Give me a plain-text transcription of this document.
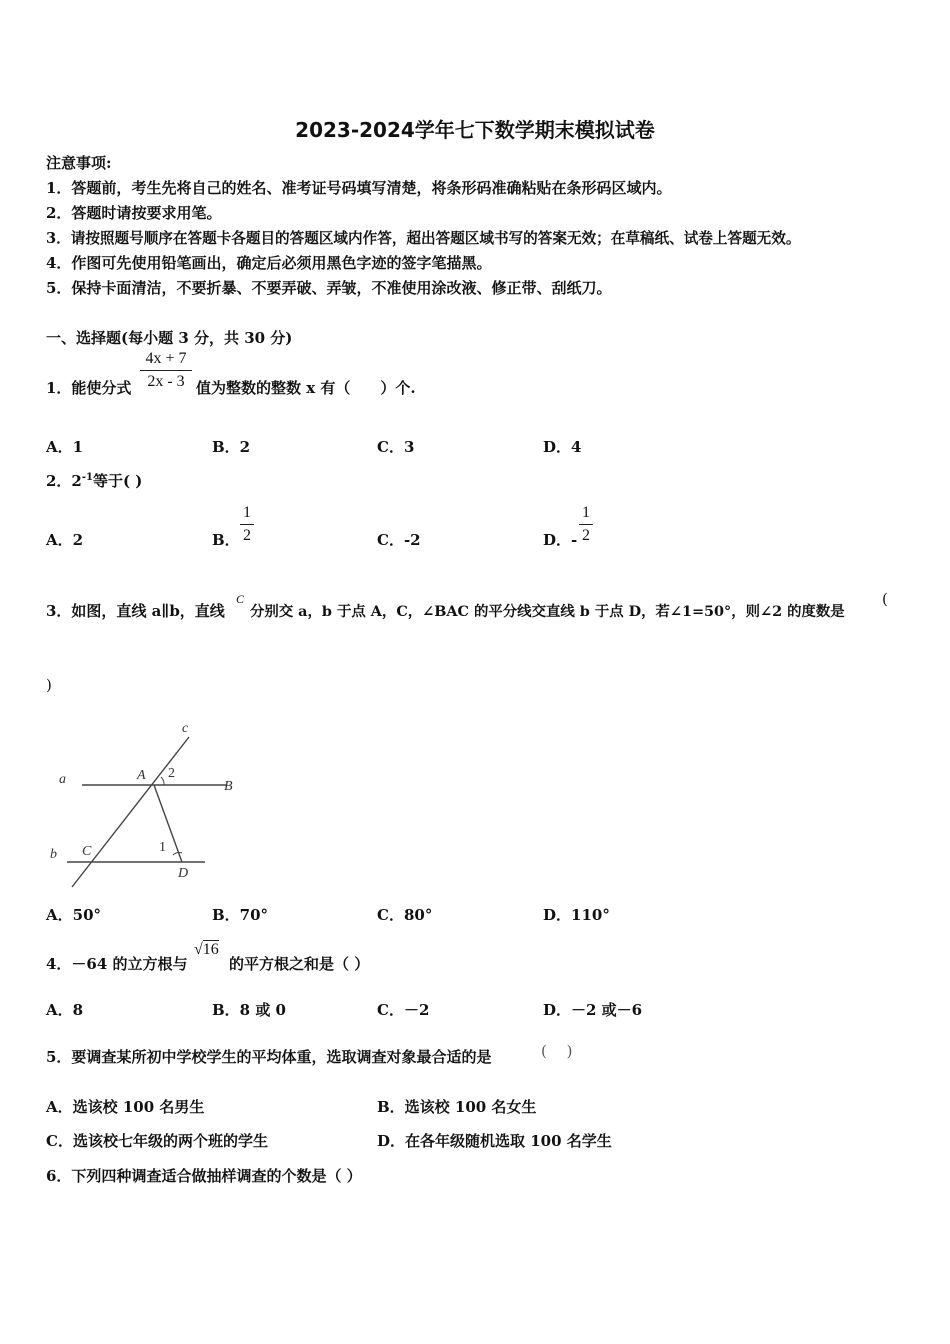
2023-2024学年七下数学期末模拟试卷
注意事项:
1．答题前，考生先将自己的姓名、准考证号码填写清楚，将条形码准确粘贴在条形码区域内。
2．答题时请按要求用笔。
3．请按照题号顺序在答题卡各题目的答题区域内作答，超出答题区域书写的答案无效；在草稿纸、试卷上答题无效。
4．作图可先使用铅笔画出，确定后必须用黑色字迹的签字笔描黑。
5．保持卡面清洁，不要折暴、不要弄破、弄皱，不准使用涂改液、修正带、刮纸刀。
一、选择题(每小题 3 分，共 30 分)
1．能使分式
4x + 7
2x - 3 值为整数的整数 x 有（　　）个.
A．1	B．2	C．3	D．4
2．$2^{-1}$等于( )
A．2	B．
1
2	C．-2	D．-
1
2
3．如图，直线 a∥b，直线
C
分别交 a，b 于点 A，C，∠BAC 的平分线交直线 b 于点 D，若∠1=50°，则∠2 的度数是
(
)
c
a	A 2
B
b C	1
D
A．50°	B．70°	C．80°	D．110°
4．－64 的立方根与
√16
的平方根之和是（ ）
A．8	B．8 或 0	C．－2	D．－2 或－6
5．要调查某所初中学校学生的平均体重，选取调查对象最合适的是	(　 )
A．选该校 100 名男生	B．选该校 100 名女生
C．选该校七年级的两个班的学生	D．在各年级随机选取 100 名学生
6．下列四种调查适合做抽样调查的个数是（ ）
